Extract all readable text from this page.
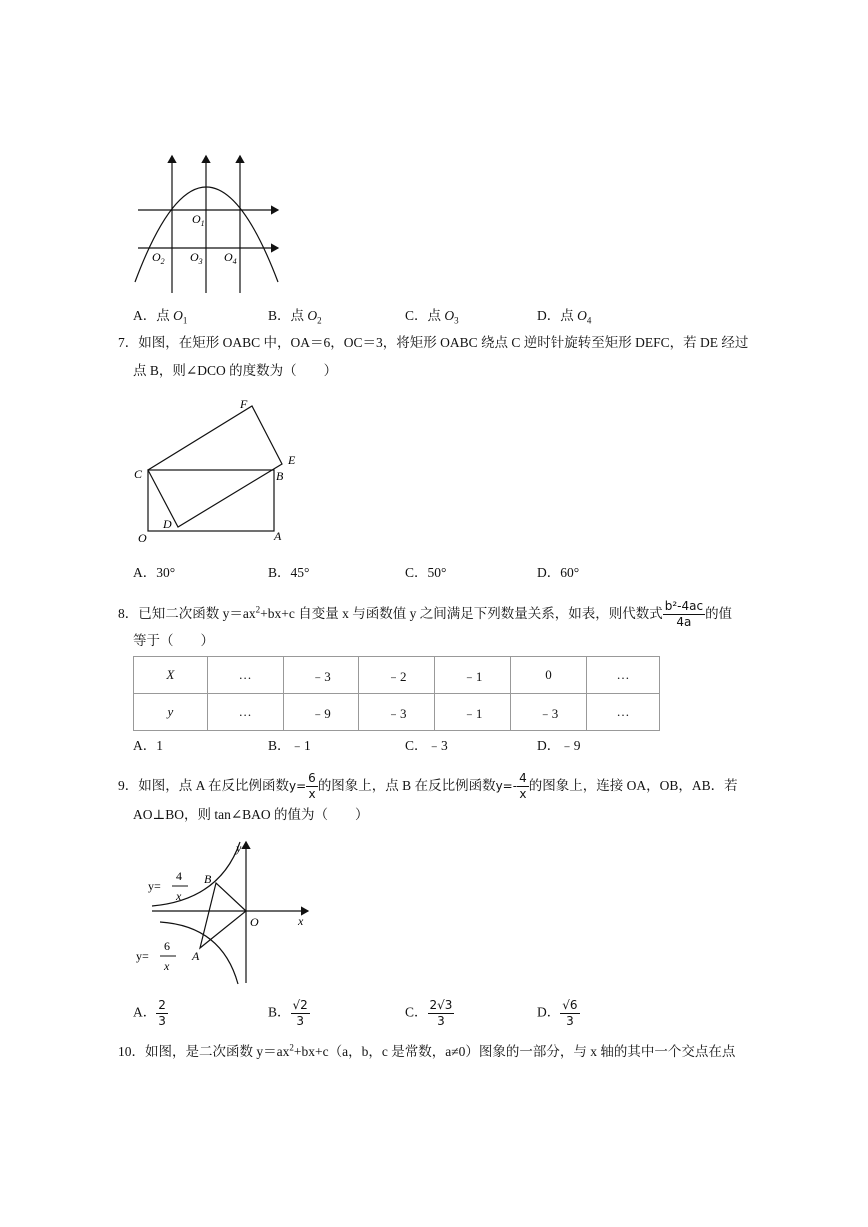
$O_1$
$O_2$ $O_3$ $O_4$
A．点 $O_1$	B．点 $O_2$	C．点 $O_3$	D．点 $O_4$
7．如图，在矩形 OABC 中，OA＝6，OC＝3，将矩形 OABC 绕点 C 逆时针旋转至矩形 DEFC，若 DE 经过
点 B，则∠DCO 的度数为（　　）
F
C	B
E
D
O	A
A．30°	B．45°	C．50°	D．60°
8．已知二次函数 $y=ax^2+bx+c$ 自变量 x 与函数值 y 之间满足下列数量关系，如表，则代数式 $\frac{\text{b²-4ac}}{4a}$ 的值
等于（　　）
X	…	﹣3	﹣2	﹣1	0	…
y	…	﹣9	﹣3	﹣1	﹣3	…
A．1	B．﹣1	C．﹣3	D．﹣9
9．如图，点 A 在反比例函数$y= \frac{6}{x}$ 的图象上，点 B 在反比例函数$y=- \frac{4}{x}$ 的图象上，连接 OA，OB，AB．若
AO⊥BO，则 tan∠BAO 的值为（　　）
y
x
O
B
A
y=
4
x
y=
6
x
A． $\frac{2}{3}$	B． $\frac{√2}{3}$	C． $\frac{2√3}{3}$	D． $\frac{√6}{3}$
10．如图，是二次函数 $y=ax^2+bx+c(a$，b，c 是常数，a≠0）图象的一部分，与 x 轴的其中一个交点在点
